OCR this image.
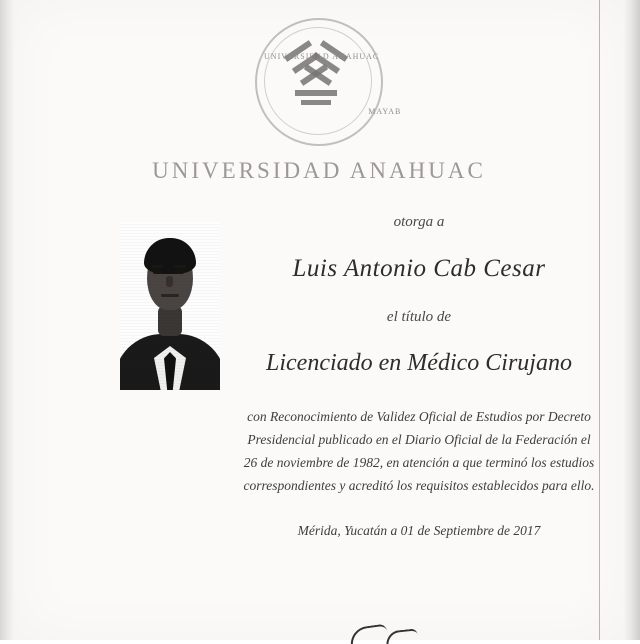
UNIVERSIDAD ANAHUAC
MAYAB
UNIVERSIDAD ANAHUAC
otorga a
Luis Antonio Cab Cesar
el título de
Licenciado en Médico Cirujano
con Reconocimiento de Validez Oficial de Estudios por Decreto
Presidencial publicado en el Diario Oficial de la Federación el
26 de noviembre de 1982, en atención a que terminó los estudios
correspondientes y acreditó los requisitos establecidos para ello.
Mérida, Yucatán a 01 de Septiembre de 2017
